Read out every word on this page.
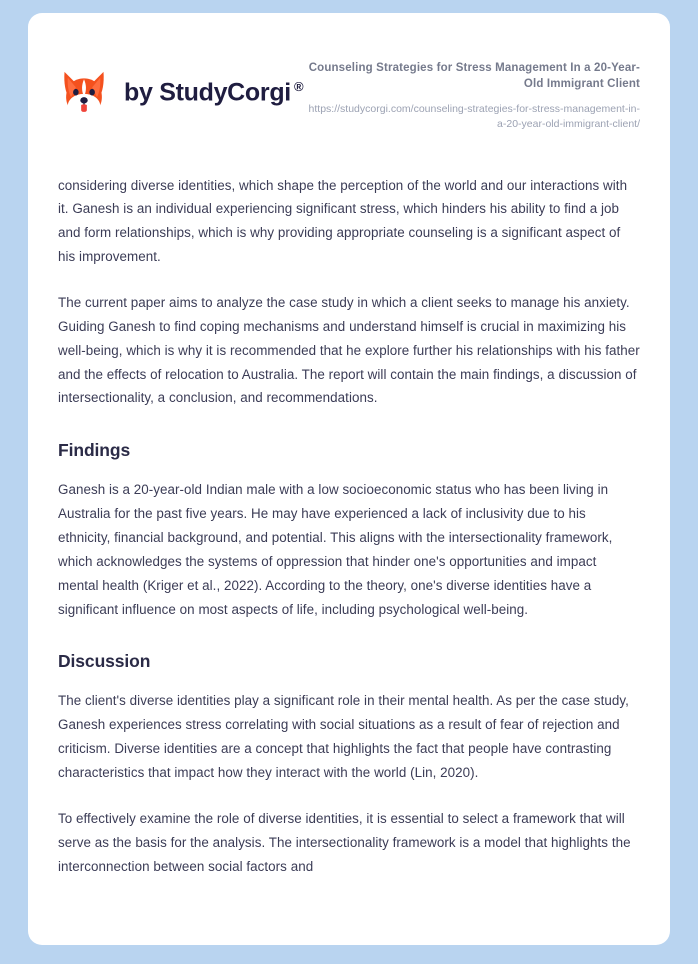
by StudyCorgi ®
Counseling Strategies for Stress Management In a 20-Year-Old Immigrant Client
https://studycorgi.com/counseling-strategies-for-stress-management-in-a-20-year-old-immigrant-client/

considering diverse identities, which shape the perception of the world and our interactions with it. Ganesh is an individual experiencing significant stress, which hinders his ability to find a job and form relationships, which is why providing appropriate counseling is a significant aspect of his improvement.

The current paper aims to analyze the case study in which a client seeks to manage his anxiety. Guiding Ganesh to find coping mechanisms and understand himself is crucial in maximizing his well-being, which is why it is recommended that he explore further his relationships with his father and the effects of relocation to Australia. The report will contain the main findings, a discussion of intersectionality, a conclusion, and recommendations.

Findings

Ganesh is a 20-year-old Indian male with a low socioeconomic status who has been living in Australia for the past five years. He may have experienced a lack of inclusivity due to his ethnicity, financial background, and potential. This aligns with the intersectionality framework, which acknowledges the systems of oppression that hinder one's opportunities and impact mental health (Kriger et al., 2022). According to the theory, one's diverse identities have a significant influence on most aspects of life, including psychological well-being.

Discussion

The client's diverse identities play a significant role in their mental health. As per the case study, Ganesh experiences stress correlating with social situations as a result of fear of rejection and criticism. Diverse identities are a concept that highlights the fact that people have contrasting characteristics that impact how they interact with the world (Lin, 2020).

To effectively examine the role of diverse identities, it is essential to select a framework that will serve as the basis for the analysis. The intersectionality framework is a model that highlights the interconnection between social factors and
